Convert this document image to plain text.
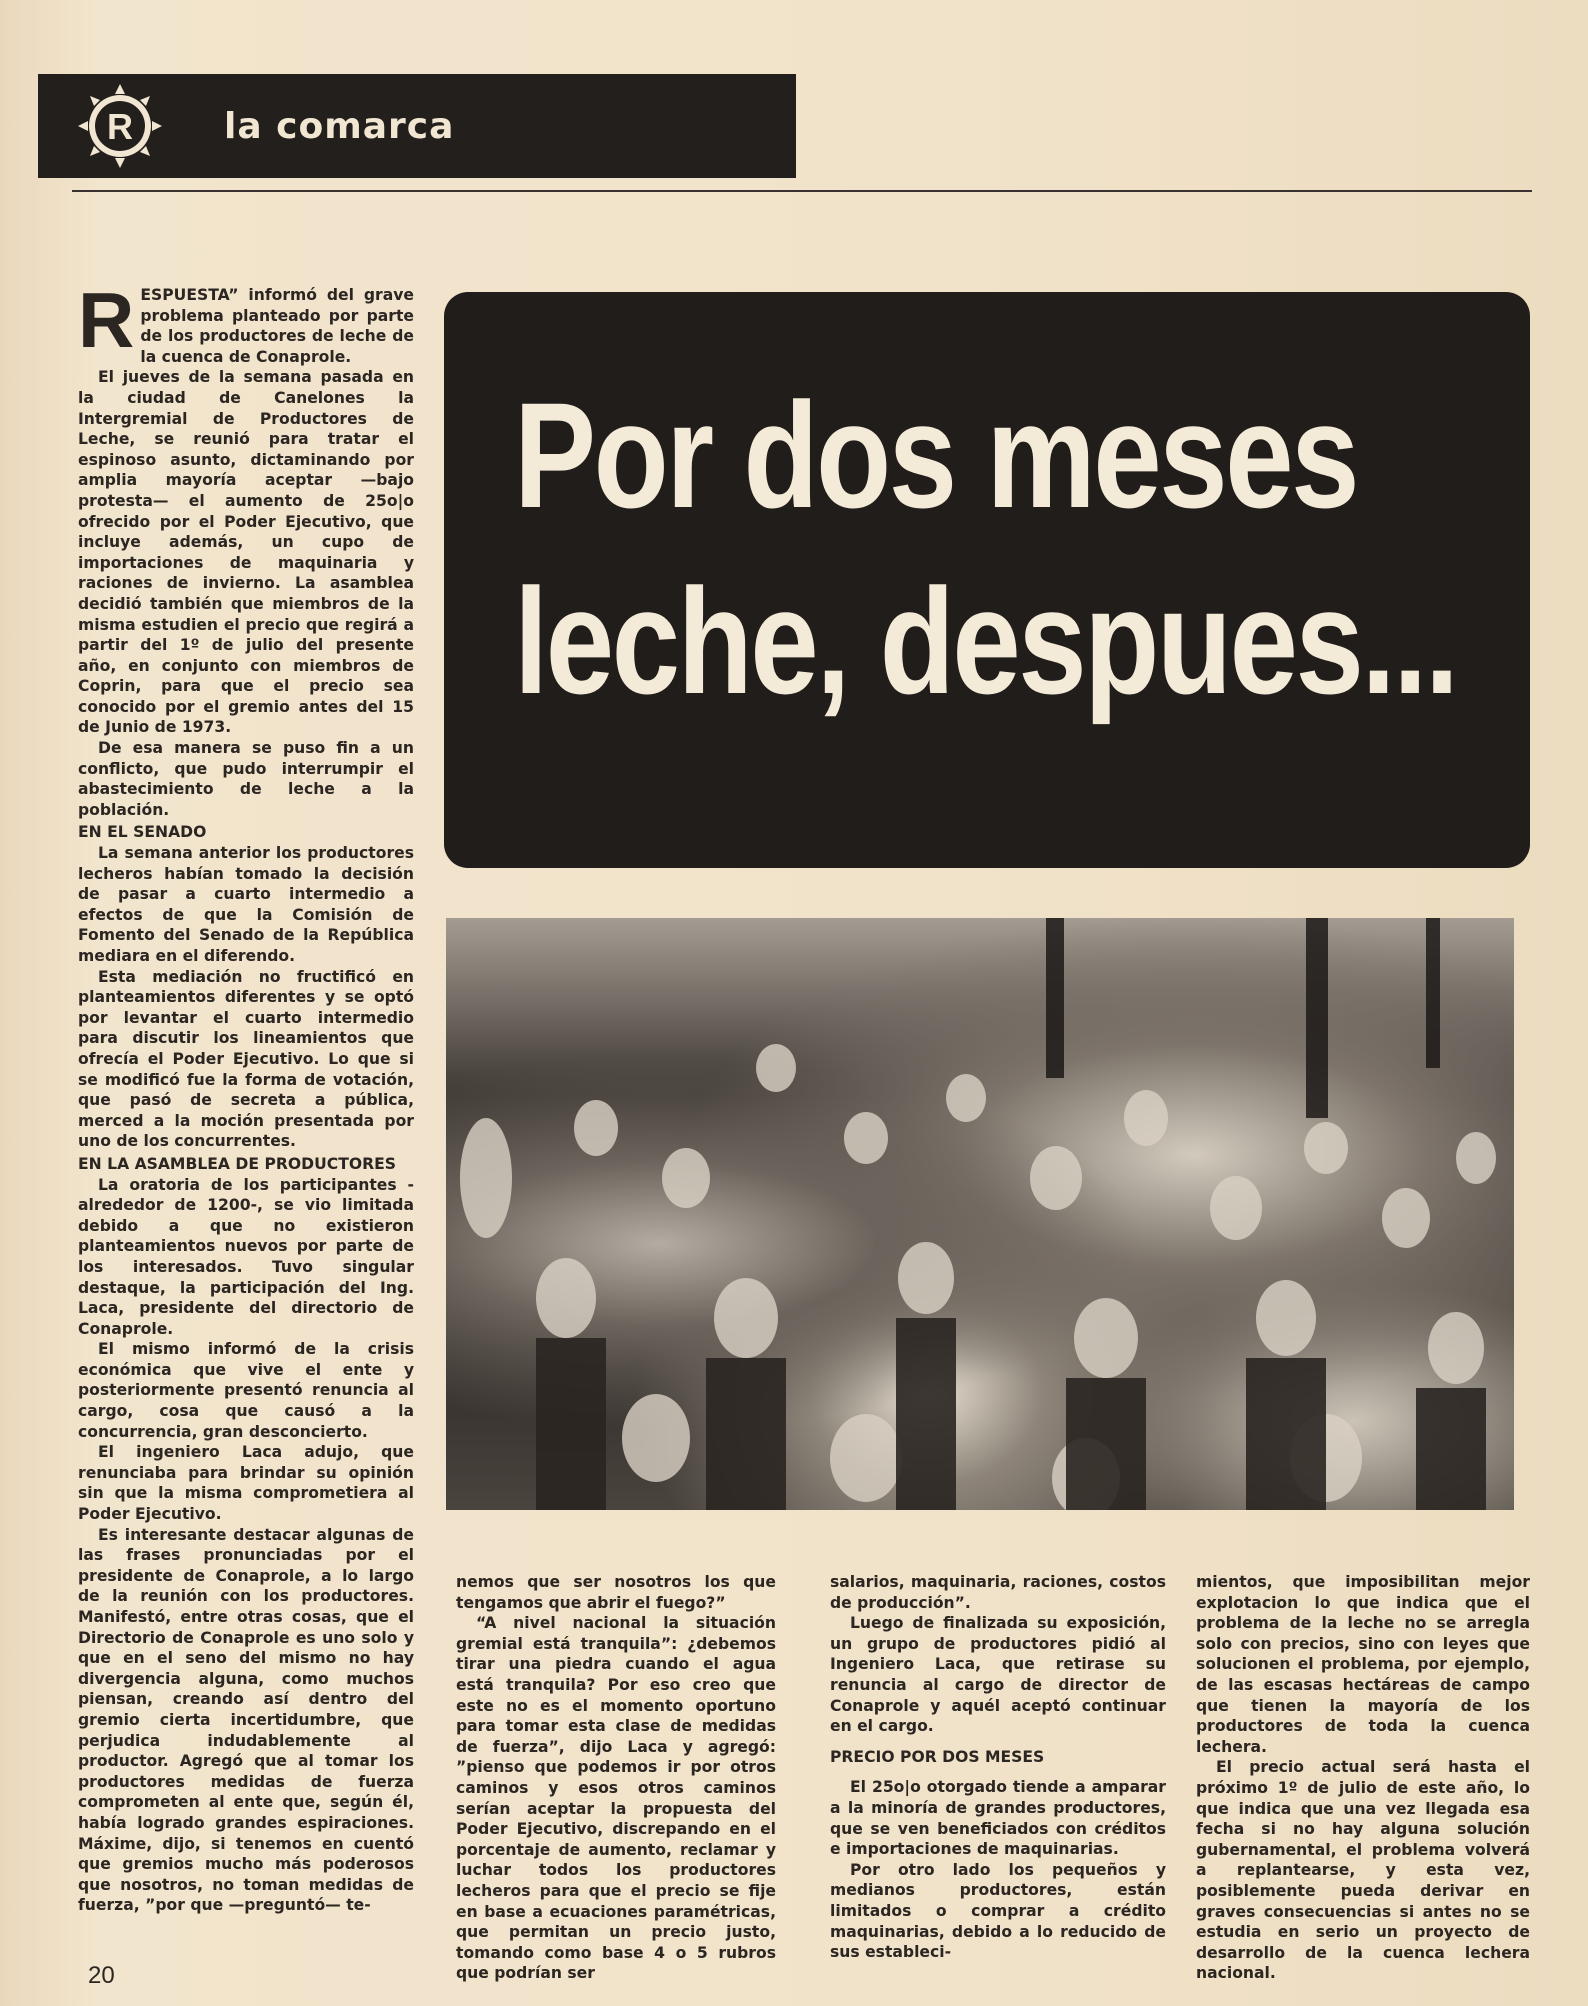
R	la comarca
Por dos meses
leche, despues...

RESPUESTA” informó del grave problema planteado por parte de los productores de leche de la cuenca de Conaprole.

El jueves de la semana pasada en la ciudad de Canelones la Intergremial de Productores de Leche, se reunió para tratar el espinoso asunto, dictaminando por amplia mayoría aceptar —bajo protesta— el aumento de 25o|o ofrecido por el Poder Ejecutivo, que incluye además, un cupo de importaciones de maquinaria y raciones de invierno. La asamblea decidió también que miembros de la misma estudien el precio que regirá a partir del 1º de julio del presente año, en conjunto con miembros de Coprin, para que el precio sea conocido por el gremio antes del 15 de Junio de 1973.

De esa manera se puso fin a un conflicto, que pudo interrumpir el abastecimiento de leche a la población.

EN EL SENADO

La semana anterior los productores lecheros habían tomado la decisión de pasar a cuarto intermedio a efectos de que la Comisión de Fomento del Senado de la República mediara en el diferendo.

Esta mediación no fructificó en planteamientos diferentes y se optó por levantar el cuarto intermedio para discutir los lineamientos que ofrecía el Poder Ejecutivo. Lo que si se modificó fue la forma de votación, que pasó de secreta a pública, merced a la moción presentada por uno de los concurrentes.

EN LA ASAMBLEA DE PRODUCTORES

La oratoria de los participantes -alrededor de 1200-, se vio limitada debido a que no existieron planteamientos nuevos por parte de los interesados. Tuvo singular destaque, la participación del Ing. Laca, presidente del directorio de Conaprole.

El mismo informó de la crisis económica que vive el ente y posteriormente presentó renuncia al cargo, cosa que causó a la concurrencia, gran desconcierto.

El ingeniero Laca adujo, que renunciaba para brindar su opinión sin que la misma comprometiera al Poder Ejecutivo.

Es interesante destacar algunas de las frases pronunciadas por el presidente de Conaprole, a lo largo de la reunión con los productores. Manifestó, entre otras cosas, que el Directorio de Conaprole es uno solo y que en el seno del mismo no hay divergencia alguna, como muchos piensan, creando así dentro del gremio cierta incertidumbre, que perjudica indudablemente al productor. Agregó que al tomar los productores medidas de fuerza comprometen al ente que, según él, había logrado grandes espiraciones. Máxime, dijo, si tenemos en cuentó que gremios mucho más poderosos que nosotros, no toman medidas de fuerza, ”por que —preguntó— te-

nemos que ser nosotros los que tengamos que abrir el fuego?”

“A nivel nacional la situación gremial está tranquila”: ¿debemos tirar una piedra cuando el agua está tranquila? Por eso creo que este no es el momento oportuno para tomar esta clase de medidas de fuerza”, dijo Laca y agregó: ”pienso que podemos ir por otros caminos y esos otros caminos serían aceptar la propuesta del Poder Ejecutivo, discrepando en el porcentaje de aumento, reclamar y luchar todos los productores lecheros para que el precio se fije en base a ecuaciones paramétricas, que permitan un precio justo, tomando como base 4 o 5 rubros que podrían ser

salarios, maquinaria, raciones, costos de producción”.

Luego de finalizada su exposición, un grupo de productores pidió al Ingeniero Laca, que retirase su renuncia al cargo de director de Conaprole y aquél aceptó continuar en el cargo.

PRECIO POR DOS MESES

El 25o|o otorgado tiende a amparar a la minoría de grandes productores, que se ven beneficiados con créditos e importaciones de maquinarias.

Por otro lado los pequeños y medianos productores, están limitados o comprar a crédito maquinarias, debido a lo reducido de sus estableci-

mientos, que imposibilitan mejor explotacion lo que indica que el problema de la leche no se arregla solo con precios, sino con leyes que solucionen el problema, por ejemplo, de las escasas hectáreas de campo que tienen la mayoría de los productores de toda la cuenca lechera.

El precio actual será hasta el próximo 1º de julio de este año, lo que indica que una vez llegada esa fecha si no hay alguna solución gubernamental, el problema volverá a replantearse, y esta vez, posiblemente pueda derivar en graves consecuencias si antes no se estudia en serio un proyecto de desarrollo de la cuenca lechera nacional.

20
